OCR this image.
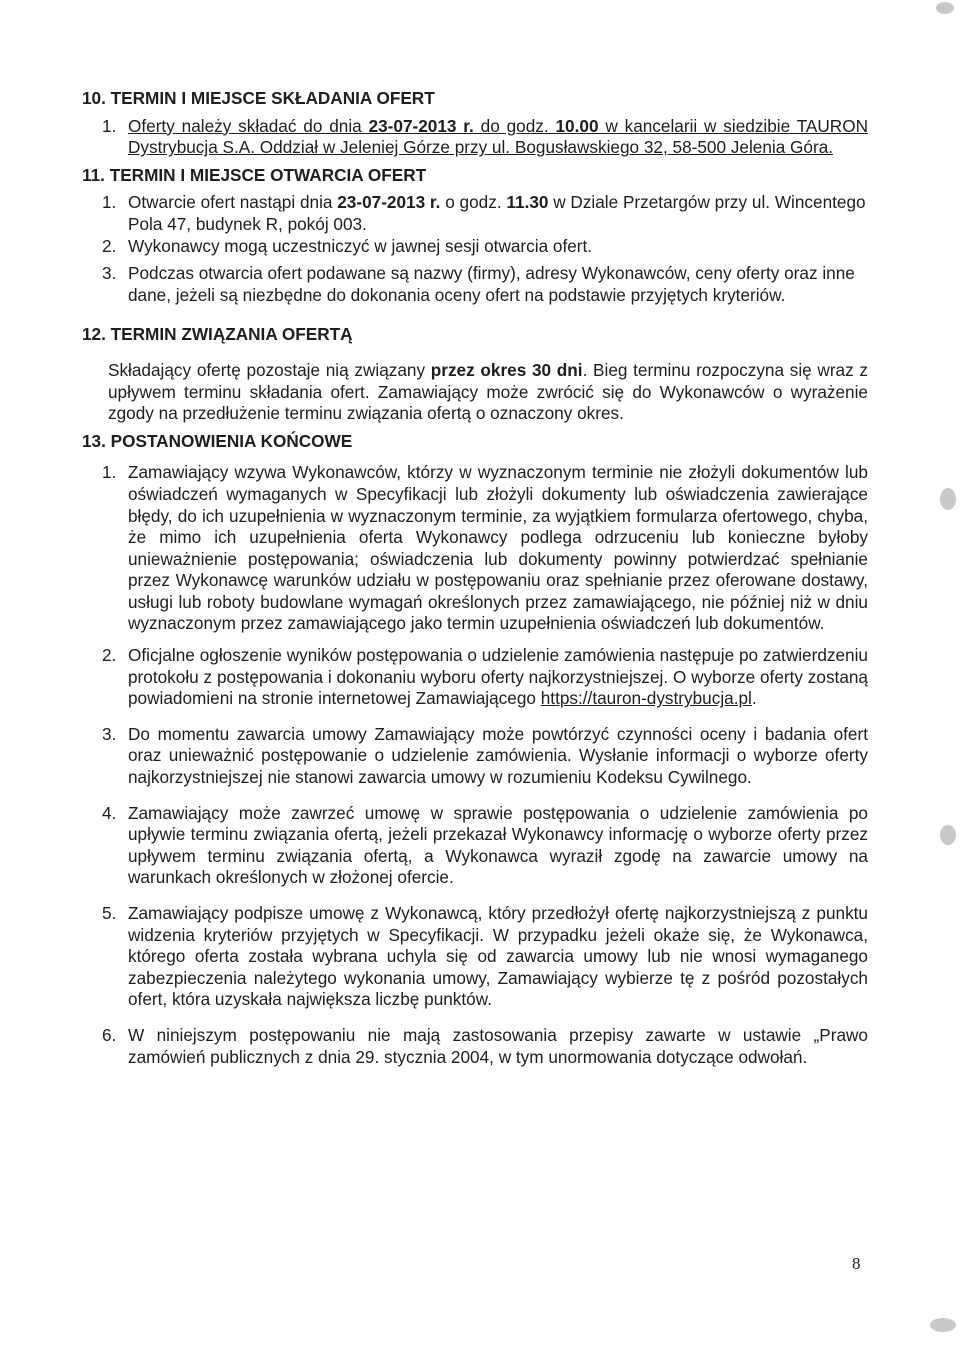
10. TERMIN I MIEJSCE SKŁADANIA OFERT

1. Oferty należy składać do dnia 23-07-2013 r. do godz. 10.00 w kancelarii w siedzibie TAURON Dystrybucja S.A. Oddział w Jeleniej Górze przy ul. Bogusławskiego 32, 58-500 Jelenia Góra.

11. TERMIN I MIEJSCE OTWARCIA OFERT

1. Otwarcie ofert nastąpi dnia 23-07-2013 r. o godz. 11.30 w Dziale Przetargów przy ul. Wincentego Pola 47, budynek R, pokój 003.
2. Wykonawcy mogą uczestniczyć w jawnej sesji otwarcia ofert.
3. Podczas otwarcia ofert podawane są nazwy (firmy), adresy Wykonawców, ceny oferty oraz inne dane, jeżeli są niezbędne do dokonania oceny ofert na podstawie przyjętych kryteriów.

12. TERMIN ZWIĄZANIA OFERTĄ

Składający ofertę pozostaje nią związany przez okres 30 dni. Bieg terminu rozpoczyna się wraz z upływem terminu składania ofert. Zamawiający może zwrócić się do Wykonawców o wyrażenie zgody na przedłużenie terminu związania ofertą o oznaczony okres.

13. POSTANOWIENIA KOŃCOWE

1. Zamawiający wzywa Wykonawców, którzy w wyznaczonym terminie nie złożyli dokumentów lub oświadczeń wymaganych w Specyfikacji lub złożyli dokumenty lub oświadczenia zawierające błędy, do ich uzupełnienia w wyznaczonym terminie, za wyjątkiem formularza ofertowego, chyba, że mimo ich uzupełnienia oferta Wykonawcy podlega odrzuceniu lub konieczne byłoby unieważnienie postępowania; oświadczenia lub dokumenty powinny potwierdzać spełnianie przez Wykonawcę warunków udziału w postępowaniu oraz spełnianie przez oferowane dostawy, usługi lub roboty budowlane wymagań określonych przez zamawiającego, nie później niż w dniu wyznaczonym przez zamawiającego jako termin uzupełnienia oświadczeń lub dokumentów.
2. Oficjalne ogłoszenie wyników postępowania o udzielenie zamówienia następuje po zatwierdzeniu protokołu z postępowania i dokonaniu wyboru oferty najkorzystniejszej. O wyborze oferty zostaną powiadomieni na stronie internetowej Zamawiającego https://tauron-dystrybucja.pl.
3. Do momentu zawarcia umowy Zamawiający może powtórzyć czynności oceny i badania ofert oraz unieważnić postępowanie o udzielenie zamówienia. Wysłanie informacji o wyborze oferty najkorzystniejszej nie stanowi zawarcia umowy w rozumieniu Kodeksu Cywilnego.
4. Zamawiający może zawrzeć umowę w sprawie postępowania o udzielenie zamówienia po upływie terminu związania ofertą, jeżeli przekazał Wykonawcy informację o wyborze oferty przez upływem terminu związania ofertą, a Wykonawca wyraził zgodę na zawarcie umowy na warunkach określonych w złożonej ofercie.
5. Zamawiający podpisze umowę z Wykonawcą, który przedłożył ofertę najkorzystniejszą z punktu widzenia kryteriów przyjętych w Specyfikacji. W przypadku jeżeli okaże się, że Wykonawca, którego oferta została wybrana uchyla się od zawarcia umowy lub nie wnosi wymaganego zabezpieczenia należytego wykonania umowy, Zamawiający wybierze tę z pośród pozostałych ofert, która uzyskała największa liczbę punktów.
6. W niniejszym postępowaniu nie mają zastosowania przepisy zawarte w ustawie „Prawo zamówień publicznych z dnia 29. stycznia 2004, w tym unormowania dotyczące odwołań.
8
